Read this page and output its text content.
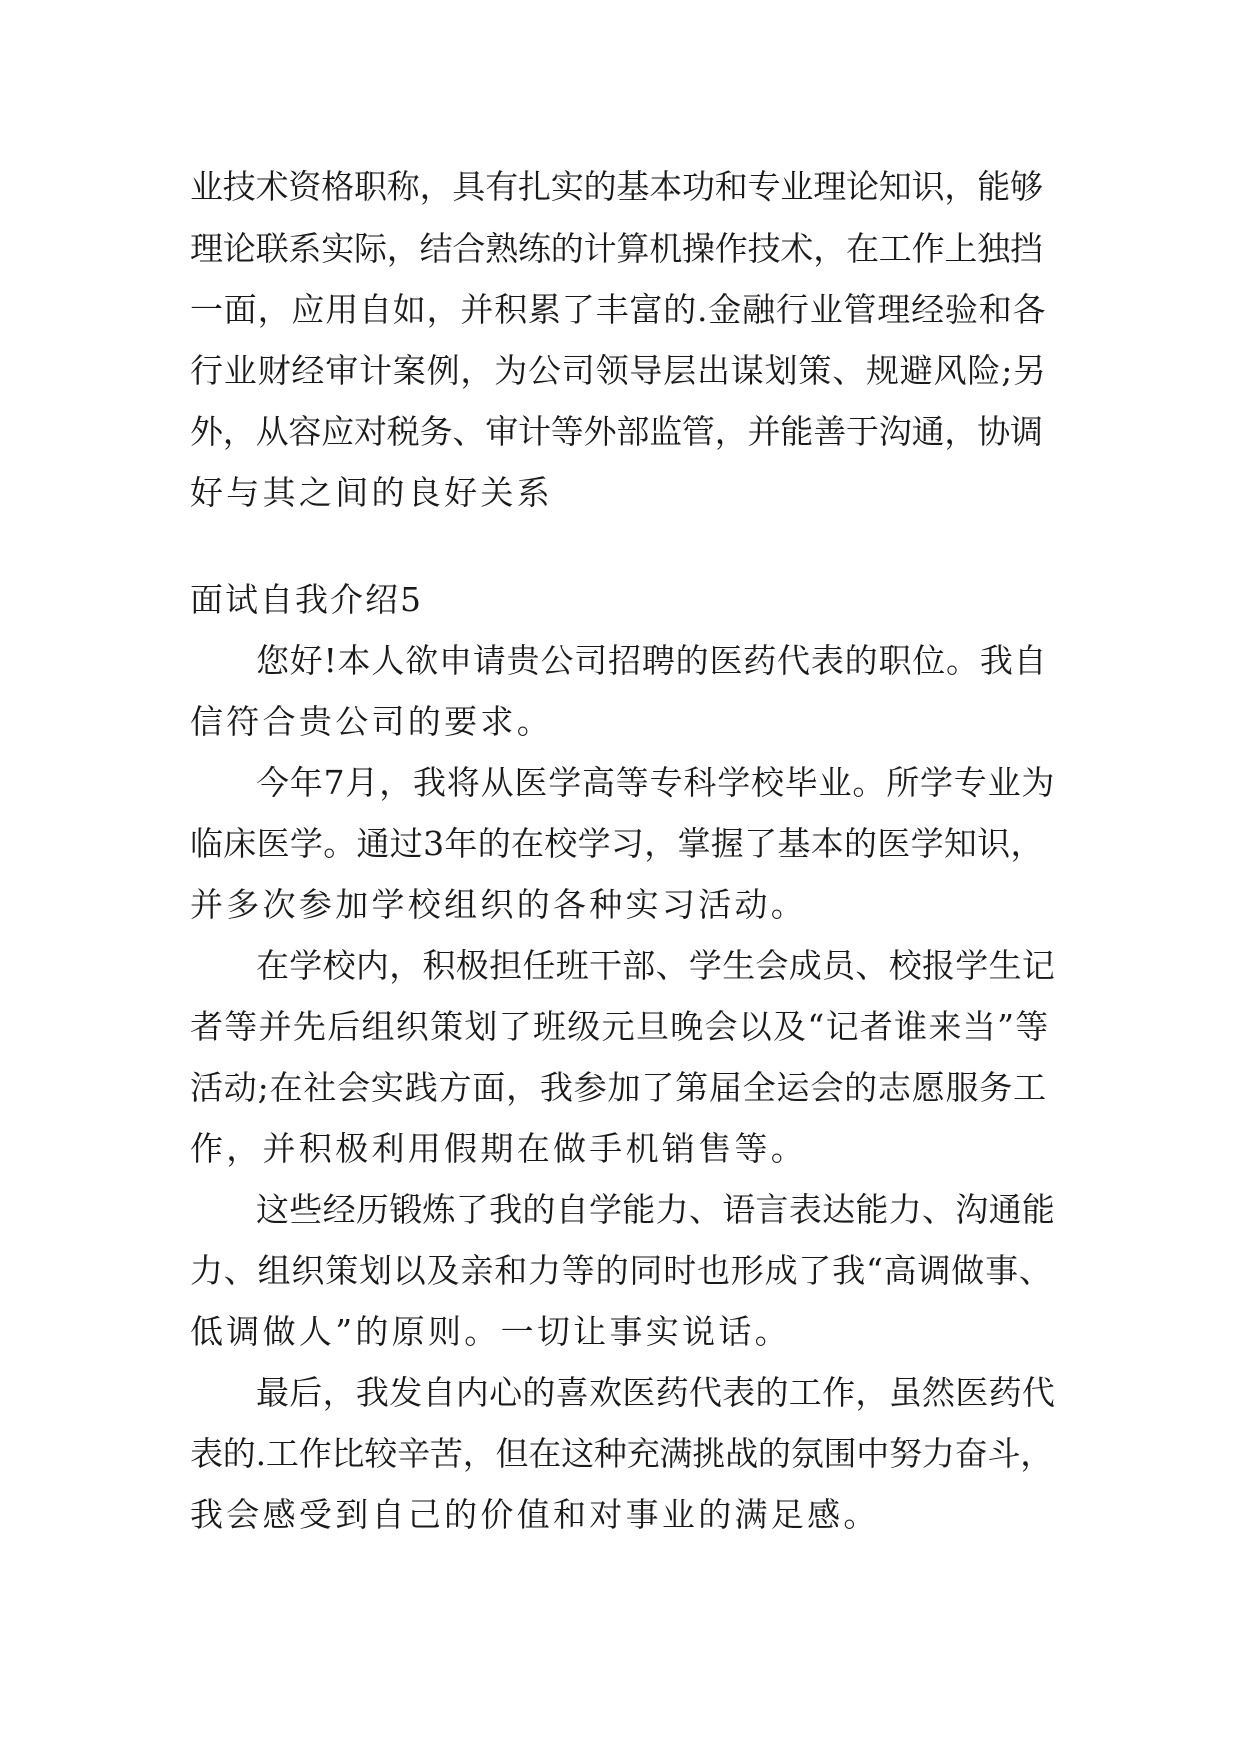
业技术资格职称，具有扎实的基本功和专业理论知识，能够
理论联系实际，结合熟练的计算机操作技术，在工作上独挡
一面，应用自如，并积累了丰富的.金融行业管理经验和各
行业财经审计案例，为公司领导层出谋划策、规避风险;另
外，从容应对税务、审计等外部监管，并能善于沟通，协调
好与其之间的良好关系
面试自我介绍5
您好!本人欲申请贵公司招聘的医药代表的职位。我自
信符合贵公司的要求。
今年7月，我将从医学高等专科学校毕业。所学专业为
临床医学。通过3年的在校学习，掌握了基本的医学知识，
并多次参加学校组织的各种实习活动。
在学校内，积极担任班干部、学生会成员、校报学生记
者等并先后组织策划了班级元旦晚会以及“记者谁来当”等
活动;在社会实践方面，我参加了第届全运会的志愿服务工
作，并积极利用假期在做手机销售等。
这些经历锻炼了我的自学能力、语言表达能力、沟通能
力、组织策划以及亲和力等的同时也形成了我“高调做事、
低调做人”的原则。一切让事实说话。
最后，我发自内心的喜欢医药代表的工作，虽然医药代
表的.工作比较辛苦，但在这种充满挑战的氛围中努力奋斗，
我会感受到自己的价值和对事业的满足感。
